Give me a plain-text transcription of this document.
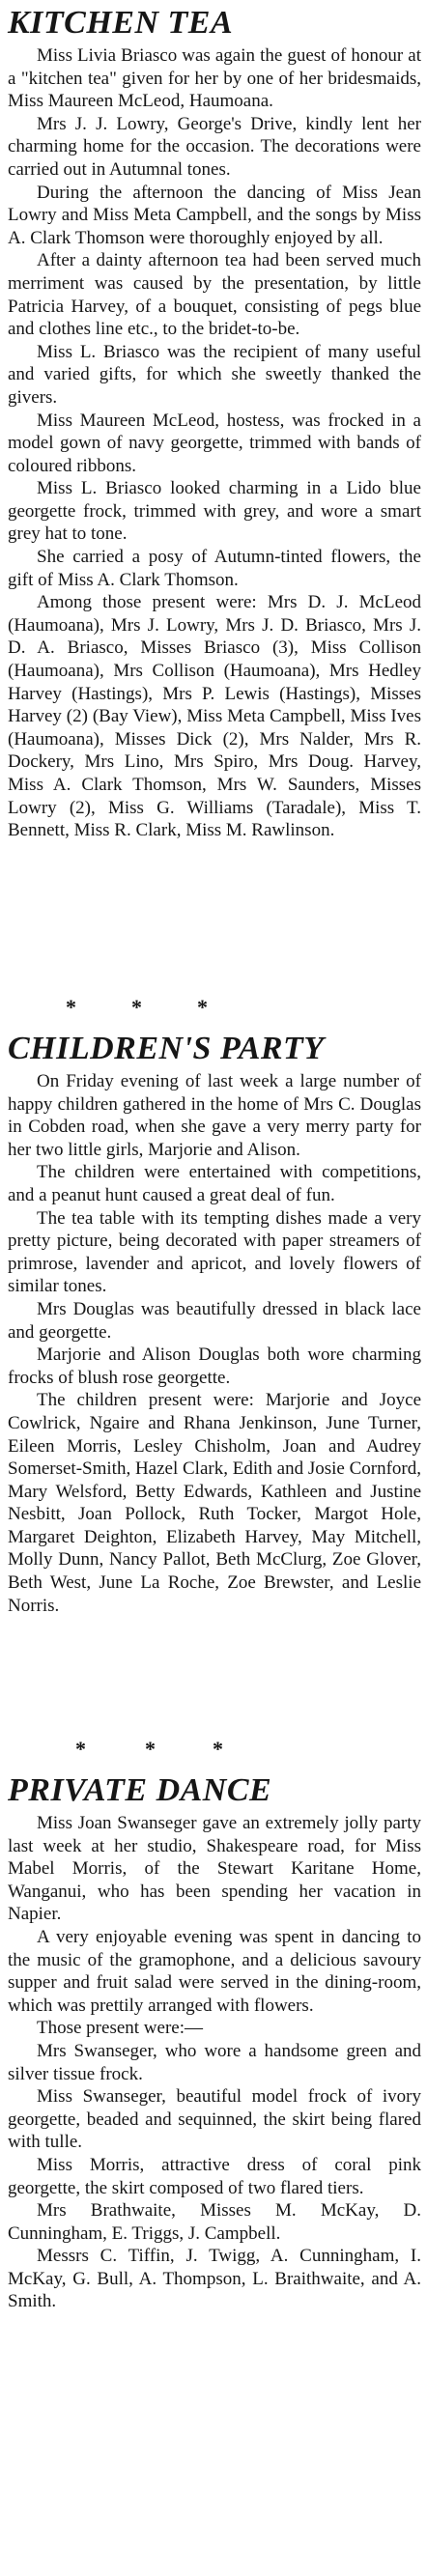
KITCHEN TEA

Miss Livia Briasco was again the guest of honour at a "kitchen tea" given for her by one of her bridesmaids, Miss Maureen McLeod, Haumoana.

Mrs J. J. Lowry, George's Drive, kindly lent her charming home for the occasion. The decorations were carried out in Autumnal tones.

During the afternoon the dancing of Miss Jean Lowry and Miss Meta Campbell, and the songs by Miss A. Clark Thomson were thoroughly enjoyed by all.

After a dainty afternoon tea had been served much merriment was caused by the presentation, by little Patricia Harvey, of a bouquet, consisting of pegs blue and clothes line etc., to the bridet-to-be.

Miss L. Briasco was the recipient of many useful and varied gifts, for which she sweetly thanked the givers.

Miss Maureen McLeod, hostess, was frocked in a model gown of navy georgette, trimmed with bands of coloured ribbons.

Miss L. Briasco looked charming in a Lido blue georgette frock, trimmed with grey, and wore a smart grey hat to tone.

She carried a posy of Autumn-tinted flowers, the gift of Miss A. Clark Thomson.

Among those present were: Mrs D. J. McLeod (Haumoana), Mrs J. Lowry, Mrs J. D. Briasco, Mrs J. D. A. Briasco, Misses Briasco (3), Miss Collison (Haumoana), Mrs Collison (Haumoana), Mrs Hedley Harvey (Hastings), Mrs P. Lewis (Hastings), Misses Harvey (2) (Bay View), Miss Meta Campbell, Miss Ives (Haumoana), Misses Dick (2), Mrs Nalder, Mrs R. Dockery, Mrs Lino, Mrs Spiro, Mrs Doug. Harvey, Miss A. Clark Thomson, Mrs W. Saunders, Misses Lowry (2), Miss G. Williams (Taradale), Miss T. Bennett, Miss R. Clark, Miss M. Rawlinson.

*	*	*
CHILDREN'S PARTY

On Friday evening of last week a large number of happy children gathered in the home of Mrs C. Douglas in Cobden road, when she gave a very merry party for her two little girls, Marjorie and Alison.

The children were entertained with competitions, and a peanut hunt caused a great deal of fun.

The tea table with its tempting dishes made a very pretty picture, being decorated with paper streamers of primrose, lavender and apricot, and lovely flowers of similar tones.

Mrs Douglas was beautifully dressed in black lace and georgette.

Marjorie and Alison Douglas both wore charming frocks of blush rose georgette.

The children present were: Marjorie and Joyce Cowlrick, Ngaire and Rhana Jenkinson, June Turner, Eileen Morris, Lesley Chisholm, Joan and Audrey Somerset-Smith, Hazel Clark, Edith and Josie Cornford, Mary Welsford, Betty Edwards, Kathleen and Justine Nesbitt, Joan Pollock, Ruth Tocker, Margot Hole, Margaret Deighton, Elizabeth Harvey, May Mitchell, Molly Dunn, Nancy Pallot, Beth McClurg, Zoe Glover, Beth West, June La Roche, Zoe Brewster, and Leslie Norris.

*	*	*
PRIVATE DANCE

Miss Joan Swanseger gave an extremely jolly party last week at her studio, Shakespeare road, for Miss Mabel Morris, of the Stewart Karitane Home, Wanganui, who has been spending her vacation in Napier.

A very enjoyable evening was spent in dancing to the music of the gramophone, and a delicious savoury supper and fruit salad were served in the dining-room, which was prettily arranged with flowers.

Those present were:—

Mrs Swanseger, who wore a handsome green and silver tissue frock.

Miss Swanseger, beautiful model frock of ivory georgette, beaded and sequinned, the skirt being flared with tulle.

Miss Morris, attractive dress of coral pink georgette, the skirt composed of two flared tiers.

Mrs Brathwaite, Misses M. McKay, D. Cunningham, E. Triggs, J. Campbell.

Messrs C. Tiffin, J. Twigg, A. Cunningham, I. McKay, G. Bull, A. Thompson, L. Braithwaite, and A. Smith.
